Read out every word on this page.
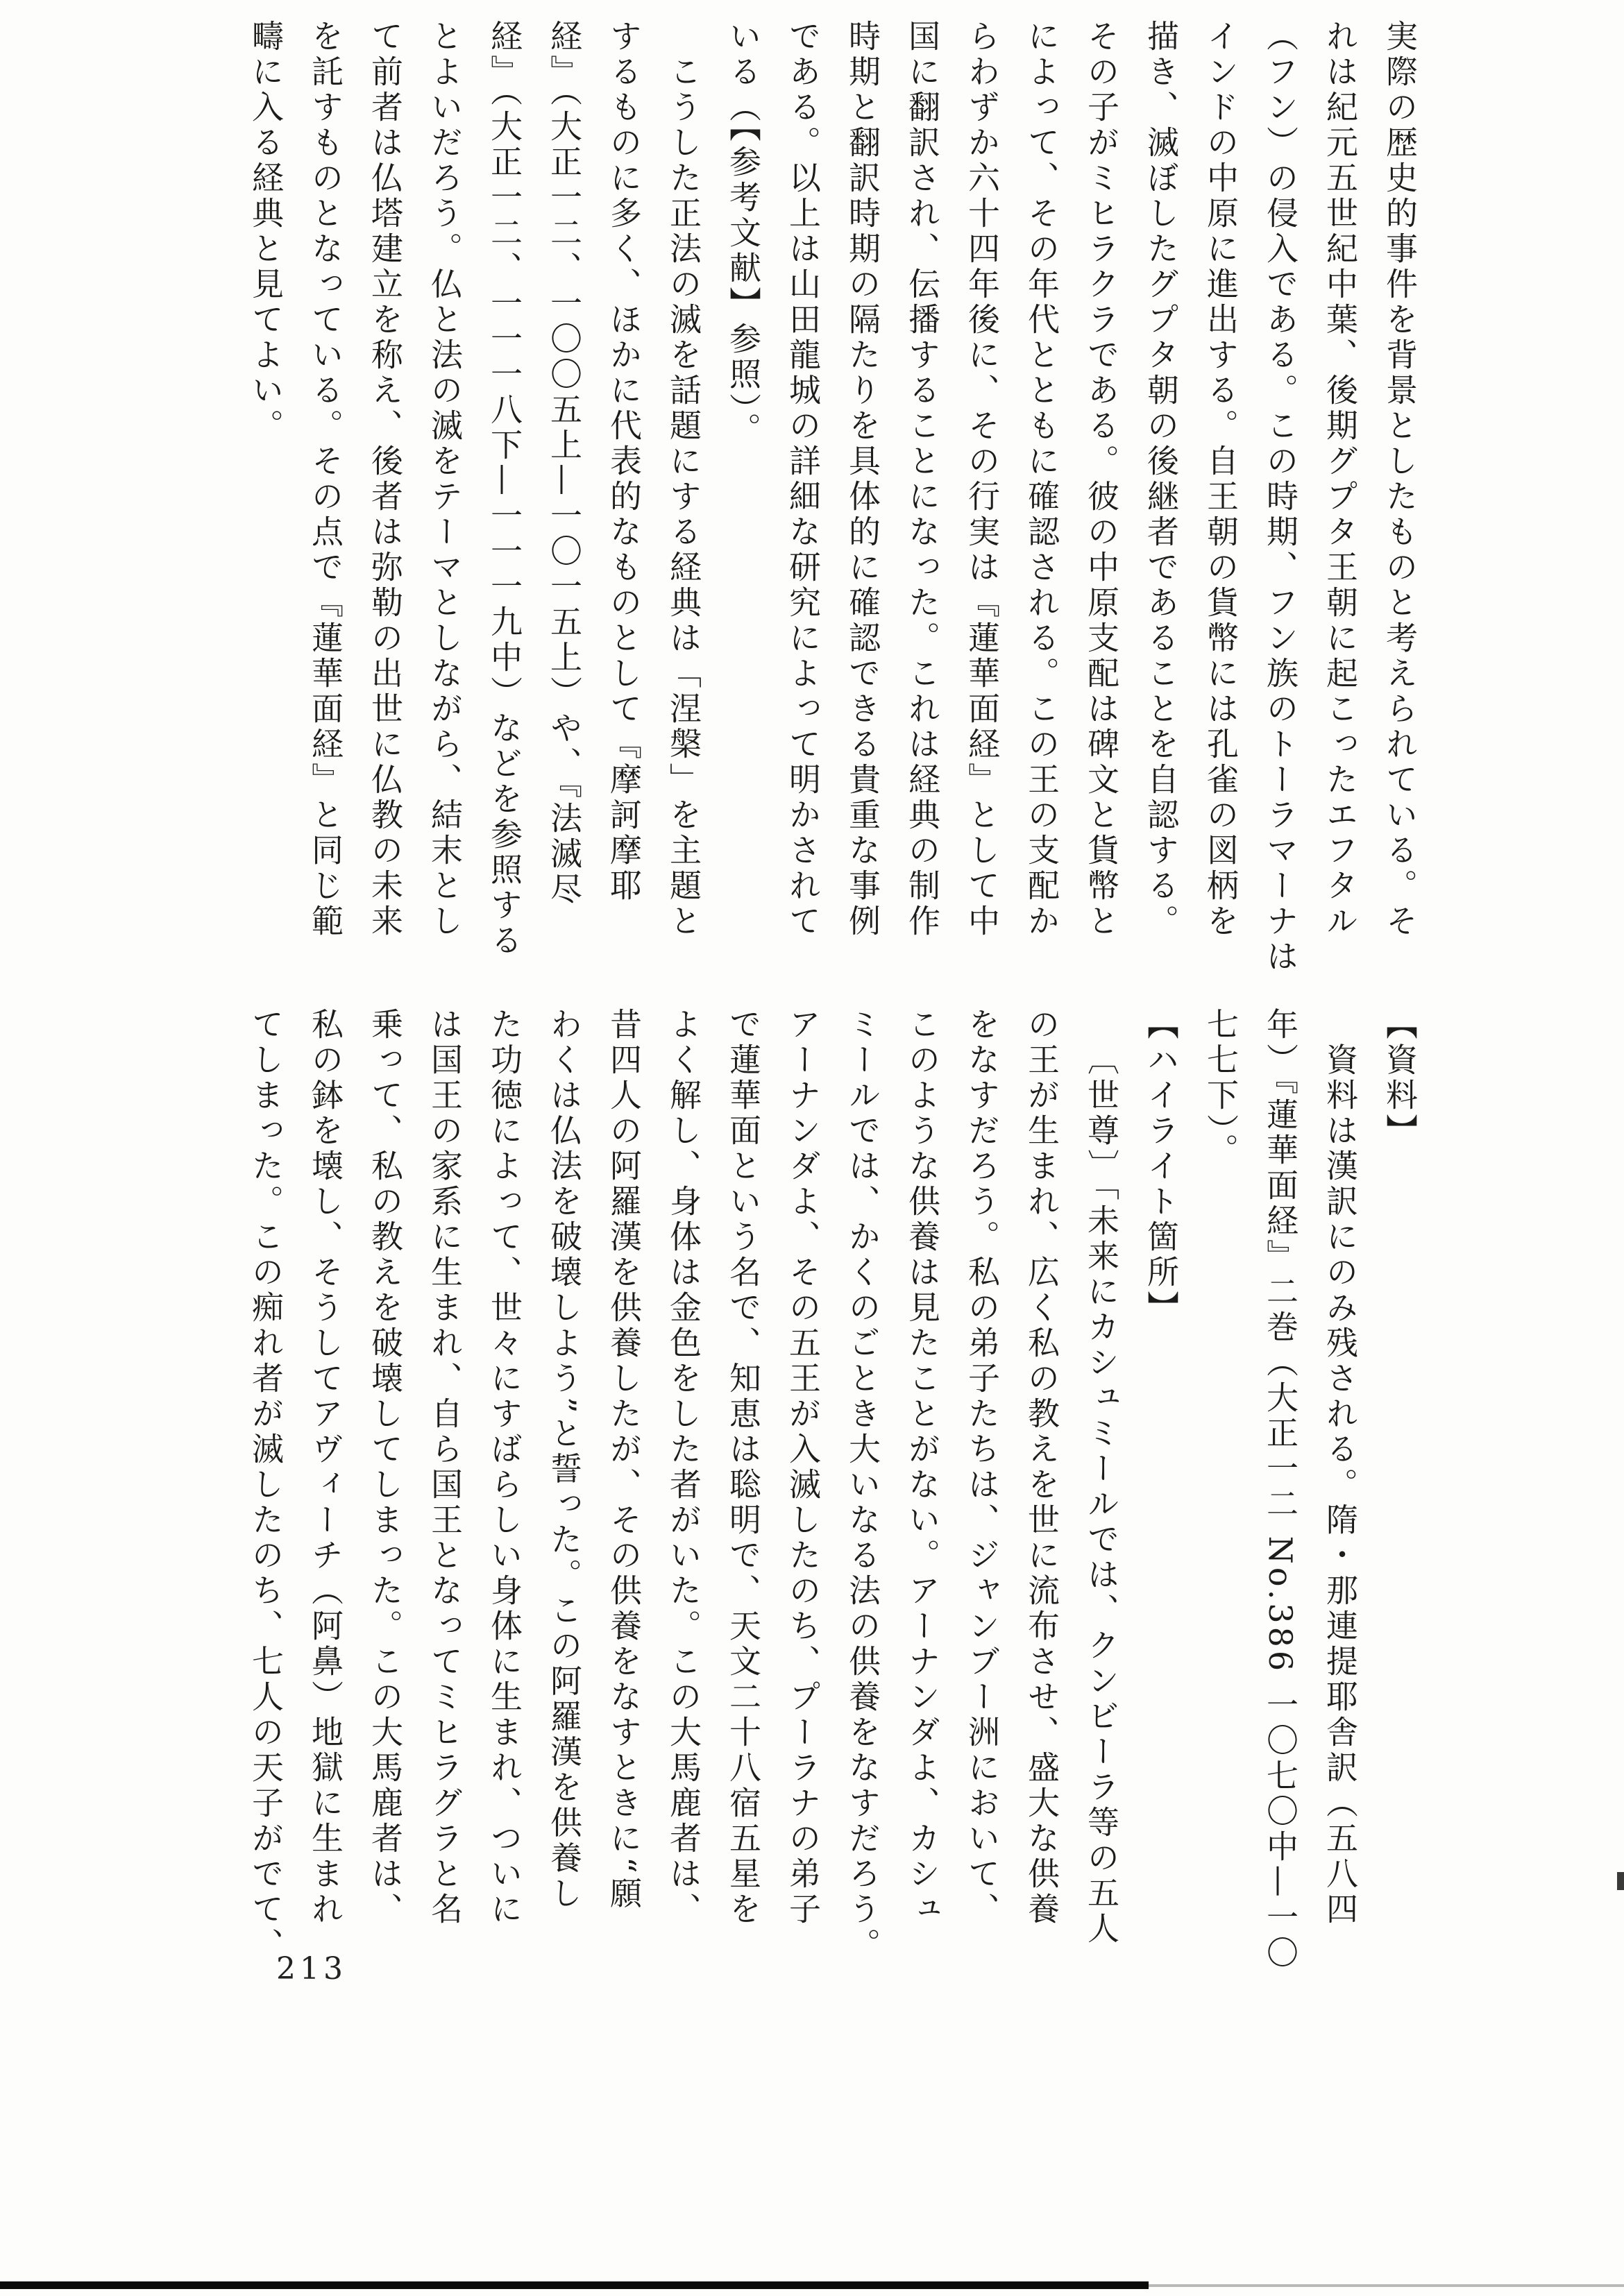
実際の歴史的事件を背景としたものと考えられている。そ
れは紀元五世紀中葉、後期グプタ王朝に起こったエフタル
（フン）の侵入である。この時期、フン族のトーラマーナは
インドの中原に進出する。自王朝の貨幣には孔雀の図柄を
描き、滅ぼしたグプタ朝の後継者であることを自認する。
その子がミヒラクラである。彼の中原支配は碑文と貨幣と
によって、その年代とともに確認される。この王の支配か
らわずか六十四年後に、その行実は『蓮華面経』として中
国に翻訳され、伝播することになった。これは経典の制作
時期と翻訳時期の隔たりを具体的に確認できる貴重な事例
である。以上は山田龍城の詳細な研究によって明かされて
いる（【参考文献】参照）。
こうした正法の滅を話題にする経典は「涅槃」を主題と
するものに多く、ほかに代表的なものとして『摩訶摩耶
経』（大正一二、一〇〇五上—一〇一五上）や、『法滅尽
経』（大正一二、一一一八下—一一一九中）などを参照する
とよいだろう。仏と法の滅をテーマとしながら、結末とし
て前者は仏塔建立を称え、後者は弥勒の出世に仏教の未来
を託すものとなっている。その点で『蓮華面経』と同じ範
疇に入る経典と見てよい。
【資料】
資料は漢訳にのみ残される。隋・那連提耶舎訳（五八四
年）『蓮華面経』二巻（大正一二 No.386 一〇七〇中—一〇
七七下）。
【ハイライト箇所】
〔世尊〕「未来にカシュミールでは、クンビーラ等の五人
の王が生まれ、広く私の教えを世に流布させ、盛大な供養
をなすだろう。私の弟子たちは、ジャンブー洲において、
このような供養は見たことがない。アーナンダよ、カシュ
ミールでは、かくのごとき大いなる法の供養をなすだろう。
アーナンダよ、その五王が入滅したのち、プーラナの弟子
で蓮華面という名で、知恵は聡明で、天文二十八宿五星を
よく解し、身体は金色をした者がいた。この大馬鹿者は、
昔四人の阿羅漢を供養したが、その供養をなすときに“願
わくは仏法を破壊しよう”と誓った。この阿羅漢を供養し
た功徳によって、世々にすばらしい身体に生まれ、ついに
は国王の家系に生まれ、自ら国王となってミヒラグラと名
乗って、私の教えを破壊してしまった。この大馬鹿者は、
私の鉢を壊し、そうしてアヴィーチ（阿鼻）地獄に生まれ
てしまった。この痴れ者が滅したのち、七人の天子がでて、
213
